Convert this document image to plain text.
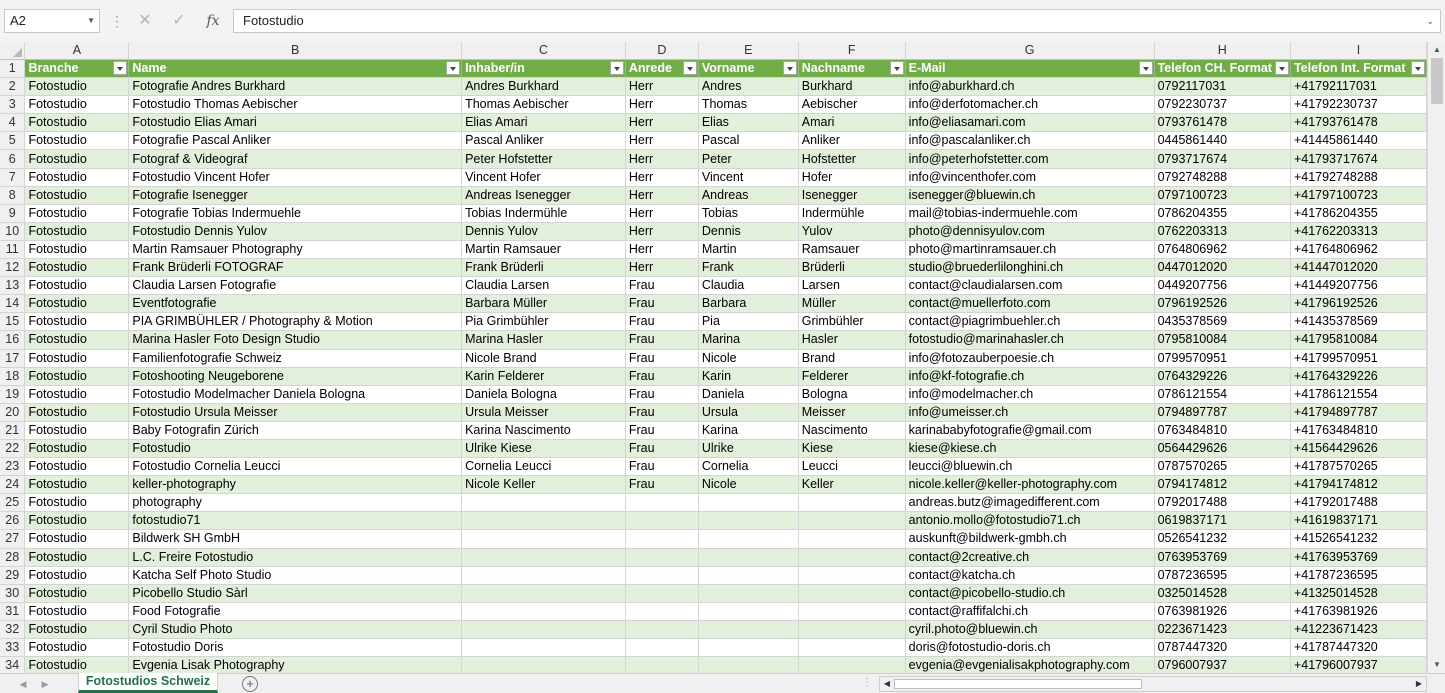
A2	▼ ⋮ ✕ ✓	fx	Fotostudio	⌄
	A	B	C	D	E	F	G	H	I
1	Branche	Name	Inhaber/in	Anrede	Vorname	Nachname	E-Mail	Telefon CH. Format	Telefon Int. Format

2	Fotostudio	Fotografie Andres Burkhard	Andres Burkhard	Herr	Andres	Burkhard	info@aburkhard.ch	0792117031	+41792117031
3	Fotostudio	Fotostudio Thomas Aebischer	Thomas Aebischer	Herr	Thomas	Aebischer	info@derfotomacher.ch	0792230737	+41792230737
4	Fotostudio	Fotostudio Elias Amari	Elias Amari	Herr	Elias	Amari	info@eliasamari.com	0793761478	+41793761478
5	Fotostudio	Fotografie Pascal Anliker	Pascal Anliker	Herr	Pascal	Anliker	info@pascalanliker.ch	0445861440	+41445861440
6	Fotostudio	Fotograf & Videograf	Peter Hofstetter	Herr	Peter	Hofstetter	info@peterhofstetter.com	0793717674	+41793717674
7	Fotostudio	Fotostudio Vincent Hofer	Vincent Hofer	Herr	Vincent	Hofer	info@vincenthofer.com	0792748288	+41792748288
8	Fotostudio	Fotografie Isenegger	Andreas Isenegger	Herr	Andreas	Isenegger	isenegger@bluewin.ch	0797100723	+41797100723
9	Fotostudio	Fotografie Tobias Indermuehle	Tobias Indermühle	Herr	Tobias	Indermühle	mail@tobias-indermuehle.com	0786204355	+41786204355
10	Fotostudio	Fotostudio Dennis Yulov	Dennis Yulov	Herr	Dennis	Yulov	photo@dennisyulov.com	0762203313	+41762203313
11	Fotostudio	Martin Ramsauer Photography	Martin Ramsauer	Herr	Martin	Ramsauer	photo@martinramsauer.ch	0764806962	+41764806962
12	Fotostudio	Frank Brüderli FOTOGRAF	Frank Brüderli	Herr	Frank	Brüderli	studio@bruederlilonghini.ch	0447012020	+41447012020
13	Fotostudio	Claudia Larsen Fotografie	Claudia Larsen	Frau	Claudia	Larsen	contact@claudialarsen.com	0449207756	+41449207756
14	Fotostudio	Eventfotografie	Barbara Müller	Frau	Barbara	Müller	contact@muellerfoto.com	0796192526	+41796192526
15	Fotostudio	PIA GRIMBÜHLER / Photography & Motion	Pia Grimbühler	Frau	Pia	Grimbühler	contact@piagrimbuehler.ch	0435378569	+41435378569
16	Fotostudio	Marina Hasler Foto Design Studio	Marina Hasler	Frau	Marina	Hasler	fotostudio@marinahasler.ch	0795810084	+41795810084
17	Fotostudio	Familienfotografie Schweiz	Nicole Brand	Frau	Nicole	Brand	info@fotozauberpoesie.ch	0799570951	+41799570951
18	Fotostudio	Fotoshooting Neugeborene	Karin Felderer	Frau	Karin	Felderer	info@kf-fotografie.ch	0764329226	+41764329226
19	Fotostudio	Fotostudio Modelmacher Daniela Bologna	Daniela Bologna	Frau	Daniela	Bologna	info@modelmacher.ch	0786121554	+41786121554
20	Fotostudio	Fotostudio Ursula Meisser	Ursula Meisser	Frau	Ursula	Meisser	info@umeisser.ch	0794897787	+41794897787
21	Fotostudio	Baby Fotografin Zürich	Karina Nascimento	Frau	Karina	Nascimento	karinababyfotografie@gmail.com	0763484810	+41763484810
22	Fotostudio	Fotostudio	Ulrike Kiese	Frau	Ulrike	Kiese	kiese@kiese.ch	0564429626	+41564429626
23	Fotostudio	Fotostudio Cornelia Leucci	Cornelia Leucci	Frau	Cornelia	Leucci	leucci@bluewin.ch	0787570265	+41787570265
24	Fotostudio	keller-photography	Nicole Keller	Frau	Nicole	Keller	nicole.keller@keller-photography.com	0794174812	+41794174812
25	Fotostudio	photography					andreas.butz@imagedifferent.com	0792017488	+41792017488
26	Fotostudio	fotostudio71					antonio.mollo@fotostudio71.ch	0619837171	+41619837171
27	Fotostudio	Bildwerk SH GmbH					auskunft@bildwerk-gmbh.ch	0526541232	+41526541232
28	Fotostudio	L.C. Freire Fotostudio					contact@2creative.ch	0763953769	+41763953769
29	Fotostudio	Katcha Self Photo Studio					contact@katcha.ch	0787236595	+41787236595
30	Fotostudio	Picobello Studio Sàrl					contact@picobello-studio.ch	0325014528	+41325014528
31	Fotostudio	Food Fotografie					contact@raffifalchi.ch	0763981926	+41763981926
32	Fotostudio	Cyril Studio Photo					cyril.photo@bluewin.ch	0223671423	+41223671423
33	Fotostudio	Fotostudio Doris					doris@fotostudio-doris.ch	0787447320	+41787447320
34	Fotostudio	Evgenia Lisak Photography					evgenia@evgenialisakphotography.com	0796007937	+41796007937
▲
▼
◀	▶	Fotostudios Schweiz	+	⋮	◀	▶
